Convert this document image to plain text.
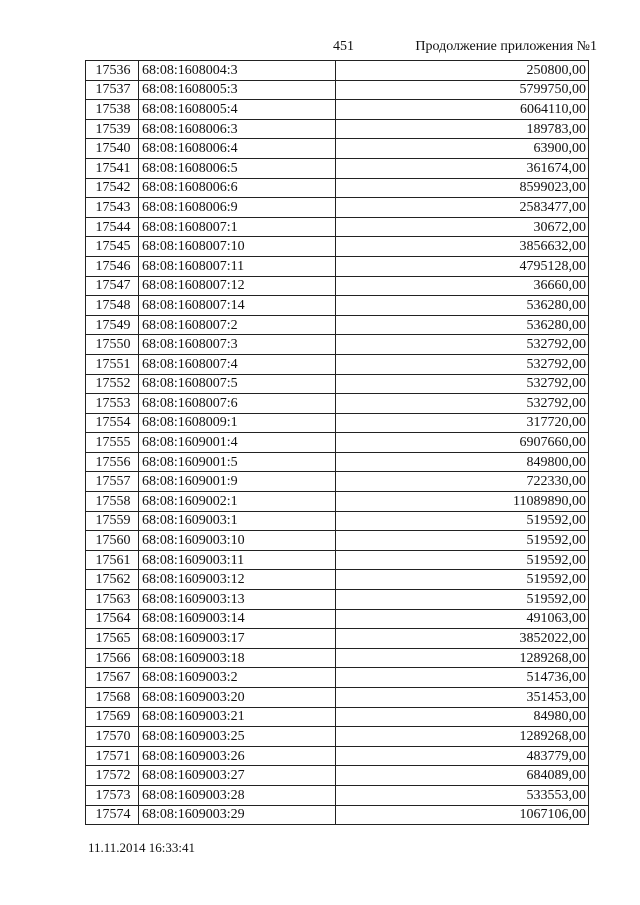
451	Продолжение приложения №1
17536	68:08:1608004:3	250800,00
17537	68:08:1608005:3	5799750,00
17538	68:08:1608005:4	6064110,00
17539	68:08:1608006:3	189783,00
17540	68:08:1608006:4	63900,00
17541	68:08:1608006:5	361674,00
17542	68:08:1608006:6	8599023,00
17543	68:08:1608006:9	2583477,00
17544	68:08:1608007:1	30672,00
17545	68:08:1608007:10	3856632,00
17546	68:08:1608007:11	4795128,00
17547	68:08:1608007:12	36660,00
17548	68:08:1608007:14	536280,00
17549	68:08:1608007:2	536280,00
17550	68:08:1608007:3	532792,00
17551	68:08:1608007:4	532792,00
17552	68:08:1608007:5	532792,00
17553	68:08:1608007:6	532792,00
17554	68:08:1608009:1	317720,00
17555	68:08:1609001:4	6907660,00
17556	68:08:1609001:5	849800,00
17557	68:08:1609001:9	722330,00
17558	68:08:1609002:1	11089890,00
17559	68:08:1609003:1	519592,00
17560	68:08:1609003:10	519592,00
17561	68:08:1609003:11	519592,00
17562	68:08:1609003:12	519592,00
17563	68:08:1609003:13	519592,00
17564	68:08:1609003:14	491063,00
17565	68:08:1609003:17	3852022,00
17566	68:08:1609003:18	1289268,00
17567	68:08:1609003:2	514736,00
17568	68:08:1609003:20	351453,00
17569	68:08:1609003:21	84980,00
17570	68:08:1609003:25	1289268,00
17571	68:08:1609003:26	483779,00
17572	68:08:1609003:27	684089,00
17573	68:08:1609003:28	533553,00
17574	68:08:1609003:29	1067106,00
11.11.2014 16:33:41
